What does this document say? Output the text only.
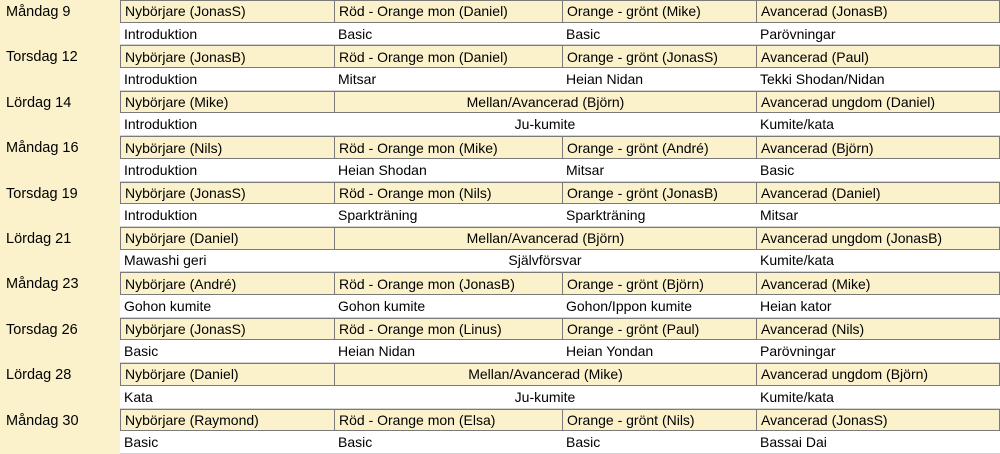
Måndag 9	Nybörjare (JonasS)	Röd - Orange mon (Daniel)	Orange - grönt (Mike)	Avancerad (JonasB)
Introduktion	Basic	Basic	Parövningar
Torsdag 12	Nybörjare (JonasB)	Röd - Orange mon (Daniel)	Orange - grönt (JonasS)	Avancerad (Paul)
Introduktion	Mitsar	Heian Nidan	Tekki Shodan/Nidan
Lördag 14	Nybörjare (Mike)	Mellan/Avancerad (Björn)	Avancerad ungdom (Daniel)
Introduktion	Ju-kumite	Kumite/kata
Måndag 16	Nybörjare (Nils)	Röd - Orange mon (Mike)	Orange - grönt (André)	Avancerad (Björn)
Introduktion	Heian Shodan	Mitsar	Basic
Torsdag 19	Nybörjare (JonasS)	Röd - Orange mon (Nils)	Orange - grönt (JonasB)	Avancerad (Daniel)
Introduktion	Sparkträning	Sparkträning	Mitsar
Lördag 21	Nybörjare (Daniel)	Mellan/Avancerad (Björn)	Avancerad ungdom (JonasB)
Mawashi geri	Självförsvar	Kumite/kata
Måndag 23	Nybörjare (André)	Röd - Orange mon (JonasB)	Orange - grönt (Björn)	Avancerad (Mike)
Gohon kumite	Gohon kumite	Gohon/Ippon kumite	Heian kator
Torsdag 26	Nybörjare (JonasS)	Röd - Orange mon (Linus)	Orange - grönt (Paul)	Avancerad (Nils)
Basic	Heian Nidan	Heian Yondan	Parövningar
Lördag 28	Nybörjare (Daniel)	Mellan/Avancerad (Mike)	Avancerad ungdom (Björn)
Kata	Ju-kumite	Kumite/kata
Måndag 30	Nybörjare (Raymond)	Röd - Orange mon (Elsa)	Orange - grönt (Nils)	Avancerad (JonasS)
Basic	Basic	Basic	Bassai Dai
